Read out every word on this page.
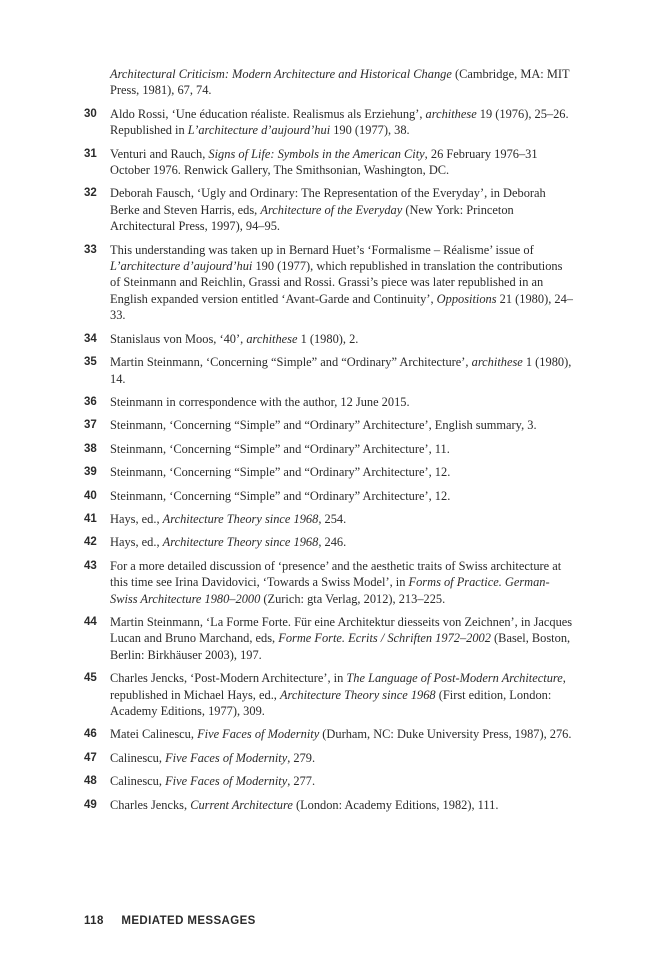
Architectural Criticism: Modern Architecture and Historical Change (Cambridge, MA: MIT Press, 1981), 67, 74.
30	Aldo Rossi, ‘Une éducation réaliste. Realismus als Erziehung’, archithese 19 (1976), 25–26. Republished in L’architecture d’aujourd’hui 190 (1977), 38.
31	Venturi and Rauch, Signs of Life: Symbols in the American City, 26 February 1976–31 October 1976. Renwick Gallery, The Smithsonian, Washington, DC.
32	Deborah Fausch, ‘Ugly and Ordinary: The Representation of the Everyday’, in Deborah Berke and Steven Harris, eds, Architecture of the Everyday (New York: Princeton Architectural Press, 1997), 94–95.
33	This understanding was taken up in Bernard Huet’s ‘Formalisme – Réalisme’ issue of L’architecture d’aujourd’hui 190 (1977), which republished in translation the contributions of Steinmann and Reichlin, Grassi and Rossi. Grassi’s piece was later republished in an English expanded version entitled ‘Avant-Garde and Continuity’, Oppositions 21 (1980), 24–33.
34	Stanislaus von Moos, ‘40’, archithese 1 (1980), 2.
35	Martin Steinmann, ‘Concerning “Simple” and “Ordinary” Architecture’, archithese 1 (1980), 14.
36	Steinmann in correspondence with the author, 12 June 2015.
37	Steinmann, ‘Concerning “Simple” and “Ordinary” Architecture’, English summary, 3.
38	Steinmann, ‘Concerning “Simple” and “Ordinary” Architecture’, 11.
39	Steinmann, ‘Concerning “Simple” and “Ordinary” Architecture’, 12.
40	Steinmann, ‘Concerning “Simple” and “Ordinary” Architecture’, 12.
41	Hays, ed., Architecture Theory since 1968, 254.
42	Hays, ed., Architecture Theory since 1968, 246.
43	For a more detailed discussion of ‘presence’ and the aesthetic traits of Swiss architecture at this time see Irina Davidovici, ‘Towards a Swiss Model’, in Forms of Practice. German-Swiss Architecture 1980–2000 (Zurich: gta Verlag, 2012), 213–225.
44	Martin Steinmann, ‘La Forme Forte. Für eine Architektur diesseits von Zeichnen’, in Jacques Lucan and Bruno Marchand, eds, Forme Forte. Ecrits / Schriften 1972–2002 (Basel, Boston, Berlin: Birkhäuser 2003), 197.
45	Charles Jencks, ‘Post-Modern Architecture’, in The Language of Post-Modern Architecture, republished in Michael Hays, ed., Architecture Theory since 1968 (First edition, London: Academy Editions, 1977), 309.
46	Matei Calinescu, Five Faces of Modernity (Durham, NC: Duke University Press, 1987), 276.
47	Calinescu, Five Faces of Modernity, 279.
48	Calinescu, Five Faces of Modernity, 277.
49	Charles Jencks, Current Architecture (London: Academy Editions, 1982), 111.
118 MEDIATED MESSAGES
